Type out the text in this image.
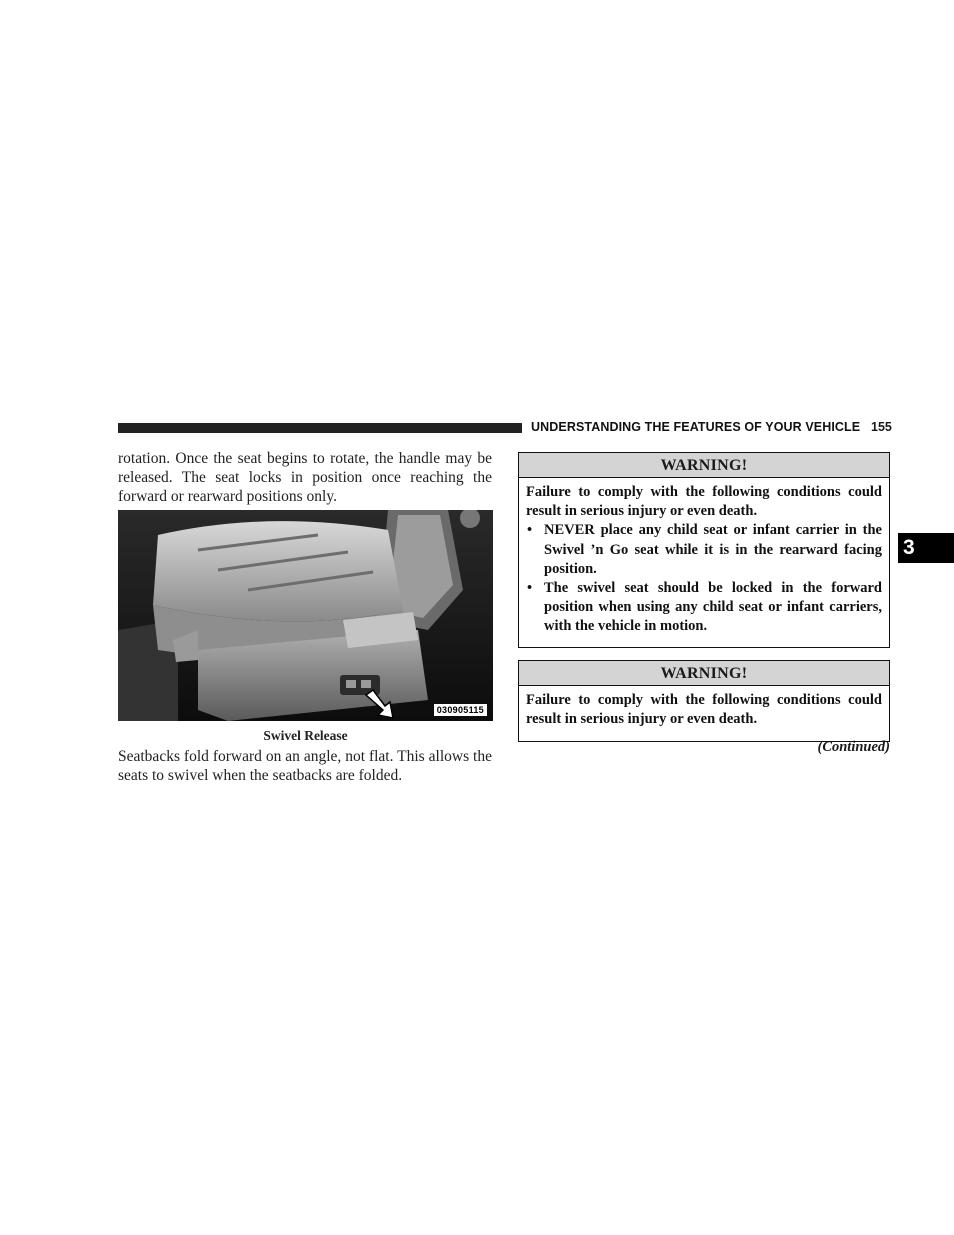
UNDERSTANDING THE FEATURES OF YOUR VEHICLE 155
rotation. Once the seat begins to rotate, the handle may be released. The seat locks in position once reaching the forward or rearward positions only.
030905115
Swivel Release
Seatbacks fold forward on an angle, not flat. This allows the seats to swivel when the seatbacks are folded.
WARNING!

Failure to comply with the following conditions could result in serious injury or even death.

• NEVER place any child seat or infant carrier in the Swivel ’n Go seat while it is in the rearward facing position.
• The swivel seat should be locked in the forward position when using any child seat or infant carriers, with the vehicle in motion.
WARNING!

Failure to comply with the following conditions could result in serious injury or even death.

(Continued)
3
